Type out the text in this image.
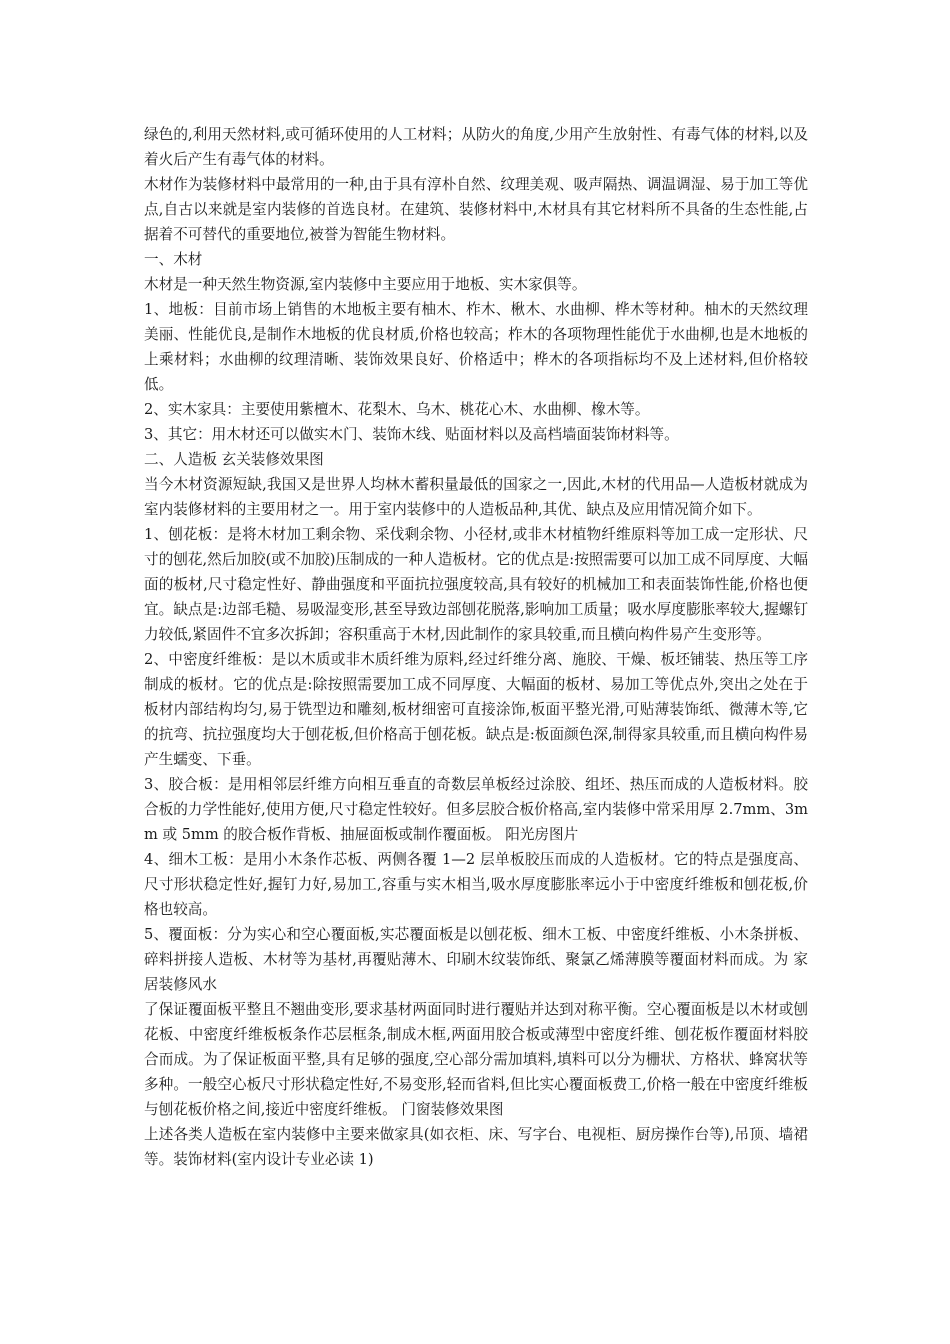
绿色的,利用天然材料,或可循环使用的人工材料；从防火的角度,少用产生放射性、有毒气体的材料,以及着火后产生有毒气体的材料。

木材作为装修材料中最常用的一种,由于具有淳朴自然、纹理美观、吸声隔热、调温调湿、易于加工等优点,自古以来就是室内装修的首选良材。在建筑、装修材料中,木材具有其它材料所不具备的生态性能,占据着不可替代的重要地位,被誉为智能生物材料。

一、木材

木材是一种天然生物资源,室内装修中主要应用于地板、实木家俱等。

1、地板：目前市场上销售的木地板主要有柚木、柞木、楸木、水曲柳、桦木等材种。柚木的天然纹理美丽、性能优良,是制作木地板的优良材质,价格也较高；柞木的各项物理性能优于水曲柳,也是木地板的上乘材料；水曲柳的纹理清晰、装饰效果良好、价格适中；桦木的各项指标均不及上述材料,但价格较低。

2、实木家具：主要使用紫檀木、花梨木、乌木、桃花心木、水曲柳、橡木等。

3、其它：用木材还可以做实木门、装饰木线、贴面材料以及高档墙面装饰材料等。

二、人造板 玄关装修效果图

当今木材资源短缺,我国又是世界人均林木蓄积量最低的国家之一,因此,木材的代用品—人造板材就成为室内装修材料的主要用材之一。用于室内装修中的人造板品种,其优、缺点及应用情况简介如下。

1、刨花板：是将木材加工剩余物、采伐剩余物、小径材,或非木材植物纤维原料等加工成一定形状、尺寸的刨花,然后加胶(或不加胶)压制成的一种人造板材。它的优点是:按照需要可以加工成不同厚度、大幅面的板材,尺寸稳定性好、静曲强度和平面抗拉强度较高,具有较好的机械加工和表面装饰性能,价格也便宜。缺点是:边部毛糙、易吸湿变形,甚至导致边部刨花脱落,影响加工质量；吸水厚度膨胀率较大,握螺钉力较低,紧固件不宜多次拆卸；容积重高于木材,因此制作的家具较重,而且横向构件易产生变形等。

2、中密度纤维板：是以木质或非木质纤维为原料,经过纤维分离、施胶、干燥、板坯铺装、热压等工序制成的板材。它的优点是:除按照需要加工成不同厚度、大幅面的板材、易加工等优点外,突出之处在于板材内部结构均匀,易于铣型边和雕刻,板材细密可直接涂饰,板面平整光滑,可贴薄装饰纸、微薄木等,它的抗弯、抗拉强度均大于刨花板,但价格高于刨花板。缺点是:板面颜色深,制得家具较重,而且横向构件易产生蠕变、下垂。

3、胶合板：是用相邻层纤维方向相互垂直的奇数层单板经过涂胶、组坯、热压而成的人造板材料。胶合板的力学性能好,使用方便,尺寸稳定性较好。但多层胶合板价格高,室内装修中常采用厚 2.7mm、3mm 或 5mm 的胶合板作背板、抽屉面板或制作覆面板。 阳光房图片

4、细木工板：是用小木条作芯板、两侧各覆 1—2 层单板胶压而成的人造板材。它的特点是强度高、尺寸形状稳定性好,握钉力好,易加工,容重与实木相当,吸水厚度膨胀率远小于中密度纤维板和刨花板,价格也较高。

5、覆面板：分为实心和空心覆面板,实芯覆面板是以刨花板、细木工板、中密度纤维板、小木条拼板、碎料拼接人造板、木材等为基材,再覆贴薄木、印刷木纹装饰纸、聚氯乙烯薄膜等覆面材料而成。为 家居装修风水

了保证覆面板平整且不翘曲变形,要求基材两面同时进行覆贴并达到对称平衡。空心覆面板是以木材或刨花板、中密度纤维板板条作芯层框条,制成木框,两面用胶合板或薄型中密度纤维、刨花板作覆面材料胶合而成。为了保证板面平整,具有足够的强度,空心部分需加填料,填料可以分为栅状、方格状、蜂窝状等多种。一般空心板尺寸形状稳定性好,不易变形,轻而省料,但比实心覆面板费工,价格一般在中密度纤维板与刨花板价格之间,接近中密度纤维板。 门窗装修效果图

上述各类人造板在室内装修中主要来做家具(如衣柜、床、写字台、电视柜、厨房操作台等),吊顶、墙裙等。装饰材料(室内设计专业必读 1)
